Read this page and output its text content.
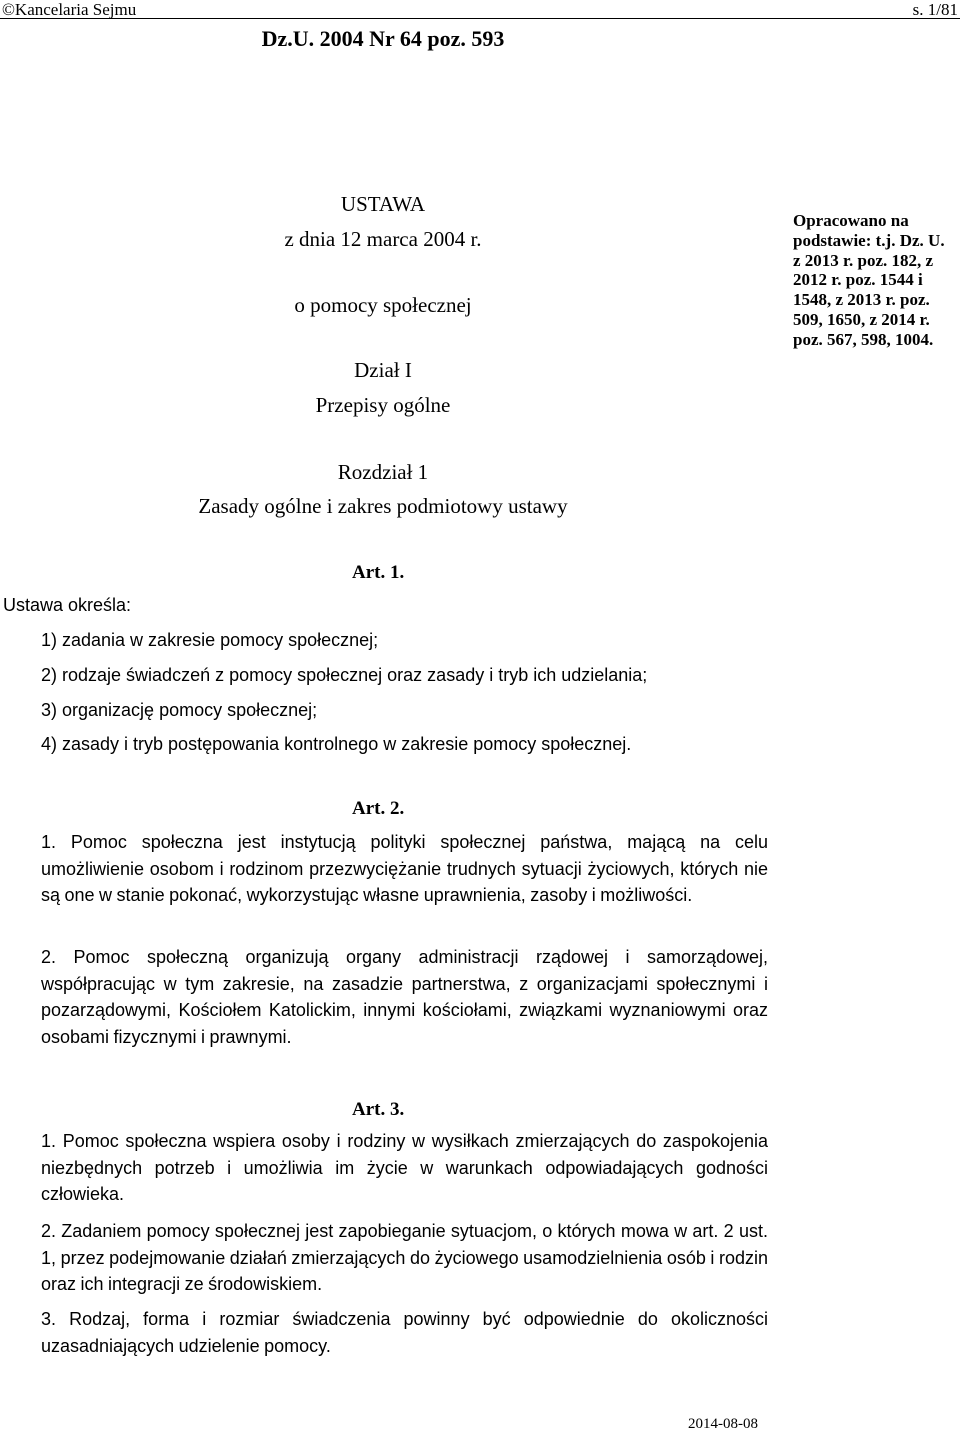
©Kancelaria Sejmu	s. 1/81
Dz.U. 2004 Nr 64 poz. 593
USTAWA
z dnia 12 marca 2004 r.
o pomocy społecznej
Dział I
Przepisy ogólne
Rozdział 1
Zasady ogólne i zakres podmiotowy ustawy
Opracowano na
podstawie: t.j. Dz. U.
z 2013 r. poz. 182, z
2012 r. poz. 1544 i
1548, z 2013 r. poz.
509, 1650, z 2014 r.
poz. 567, 598, 1004.
Art. 1.
Ustawa określa:
1) zadania w zakresie pomocy społecznej;
2) rodzaje świadczeń z pomocy społecznej oraz zasady i tryb ich udzielania;
3) organizację pomocy społecznej;
4) zasady i tryb postępowania kontrolnego w zakresie pomocy społecznej.
Art. 2.
1. Pomoc społeczna jest instytucją polityki społecznej państwa, mającą na celu umożliwienie osobom i rodzinom przezwyciężanie trudnych sytuacji życiowych, których nie są one w stanie pokonać, wykorzystując własne uprawnienia, zasoby i możliwości.
2. Pomoc społeczną organizują organy administracji rządowej i samorządowej, współpracując w tym zakresie, na zasadzie partnerstwa, z organizacjami społecznymi i pozarządowymi, Kościołem Katolickim, innymi kościołami, związkami wyznaniowymi oraz osobami fizycznymi i prawnymi.
Art. 3.
1. Pomoc społeczna wspiera osoby i rodziny w wysiłkach zmierzających do zaspokojenia niezbędnych potrzeb i umożliwia im życie w warunkach odpowiadających godności człowieka.
2. Zadaniem pomocy społecznej jest zapobieganie sytuacjom, o których mowa w art. 2 ust. 1, przez podejmowanie działań zmierzających do życiowego usamodzielnienia osób i rodzin oraz ich integracji ze środowiskiem.
3. Rodzaj, forma i rozmiar świadczenia powinny być odpowiednie do okoliczności uzasadniających udzielenie pomocy.
2014-08-08
